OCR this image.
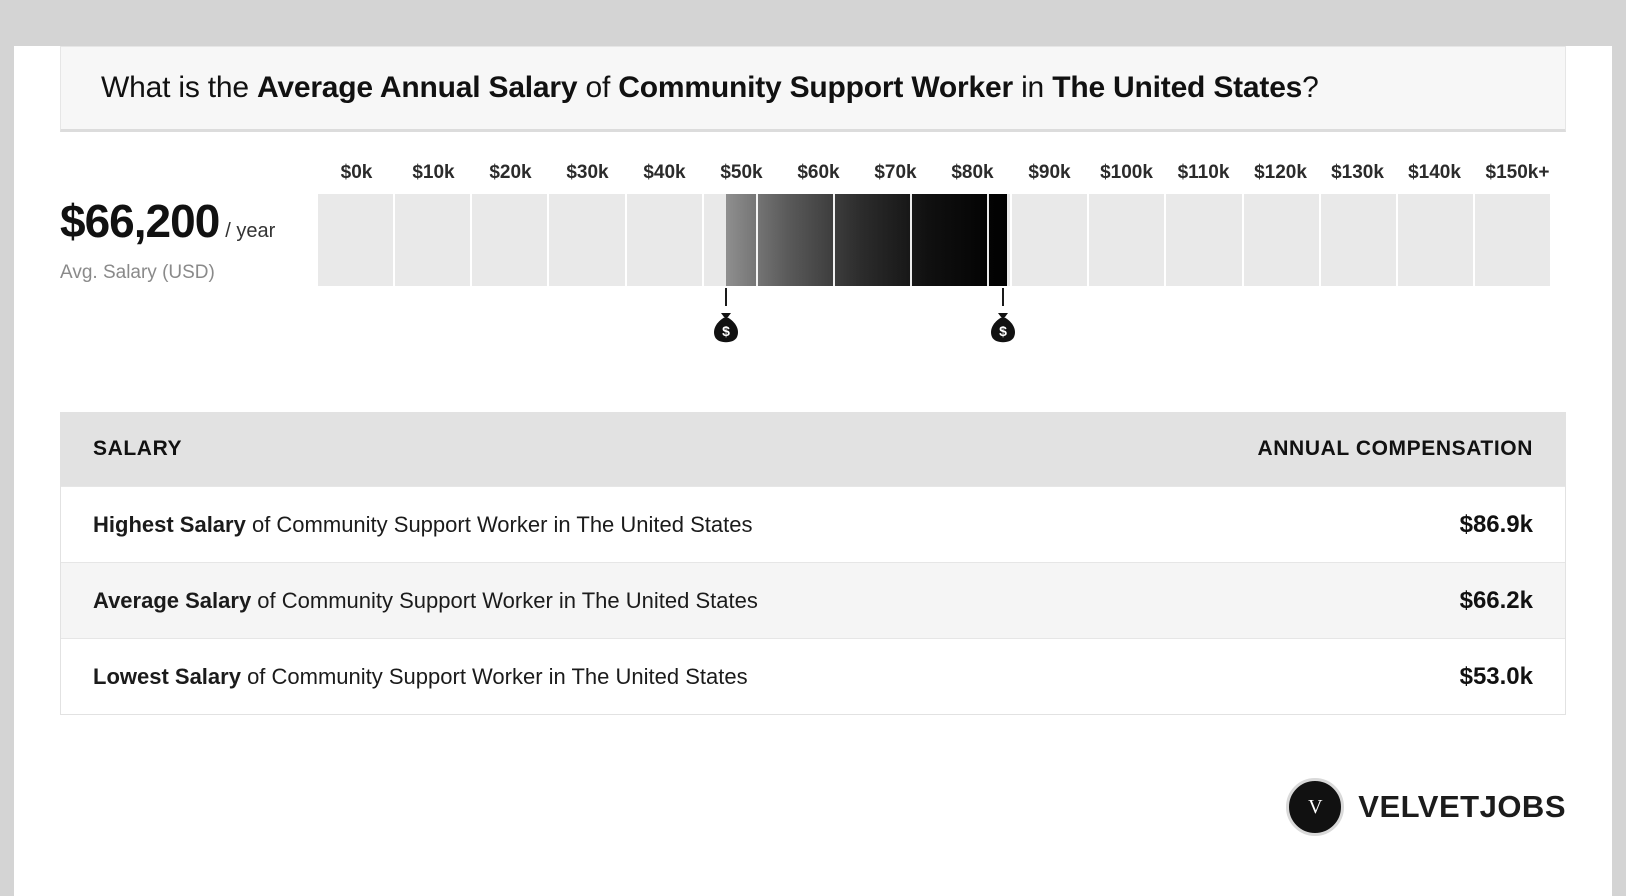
What is the Average Annual Salary of Community Support Worker in The United States?
$0k	$10k	$20k	$30k	$40k	$50k	$60k	$70k	$80k	$90k	$100k	$110k	$120k	$130k	$140k	$150k+
$66,200 / year
Avg. Salary (USD)
$	$
SALARY	ANNUAL COMPENSATION
Highest Salary of Community Support Worker in The United States	$86.9k
Average Salary of Community Support Worker in The United States	$66.2k
Lowest Salary of Community Support Worker in The United States	$53.0k
V	VELVETJOBS
